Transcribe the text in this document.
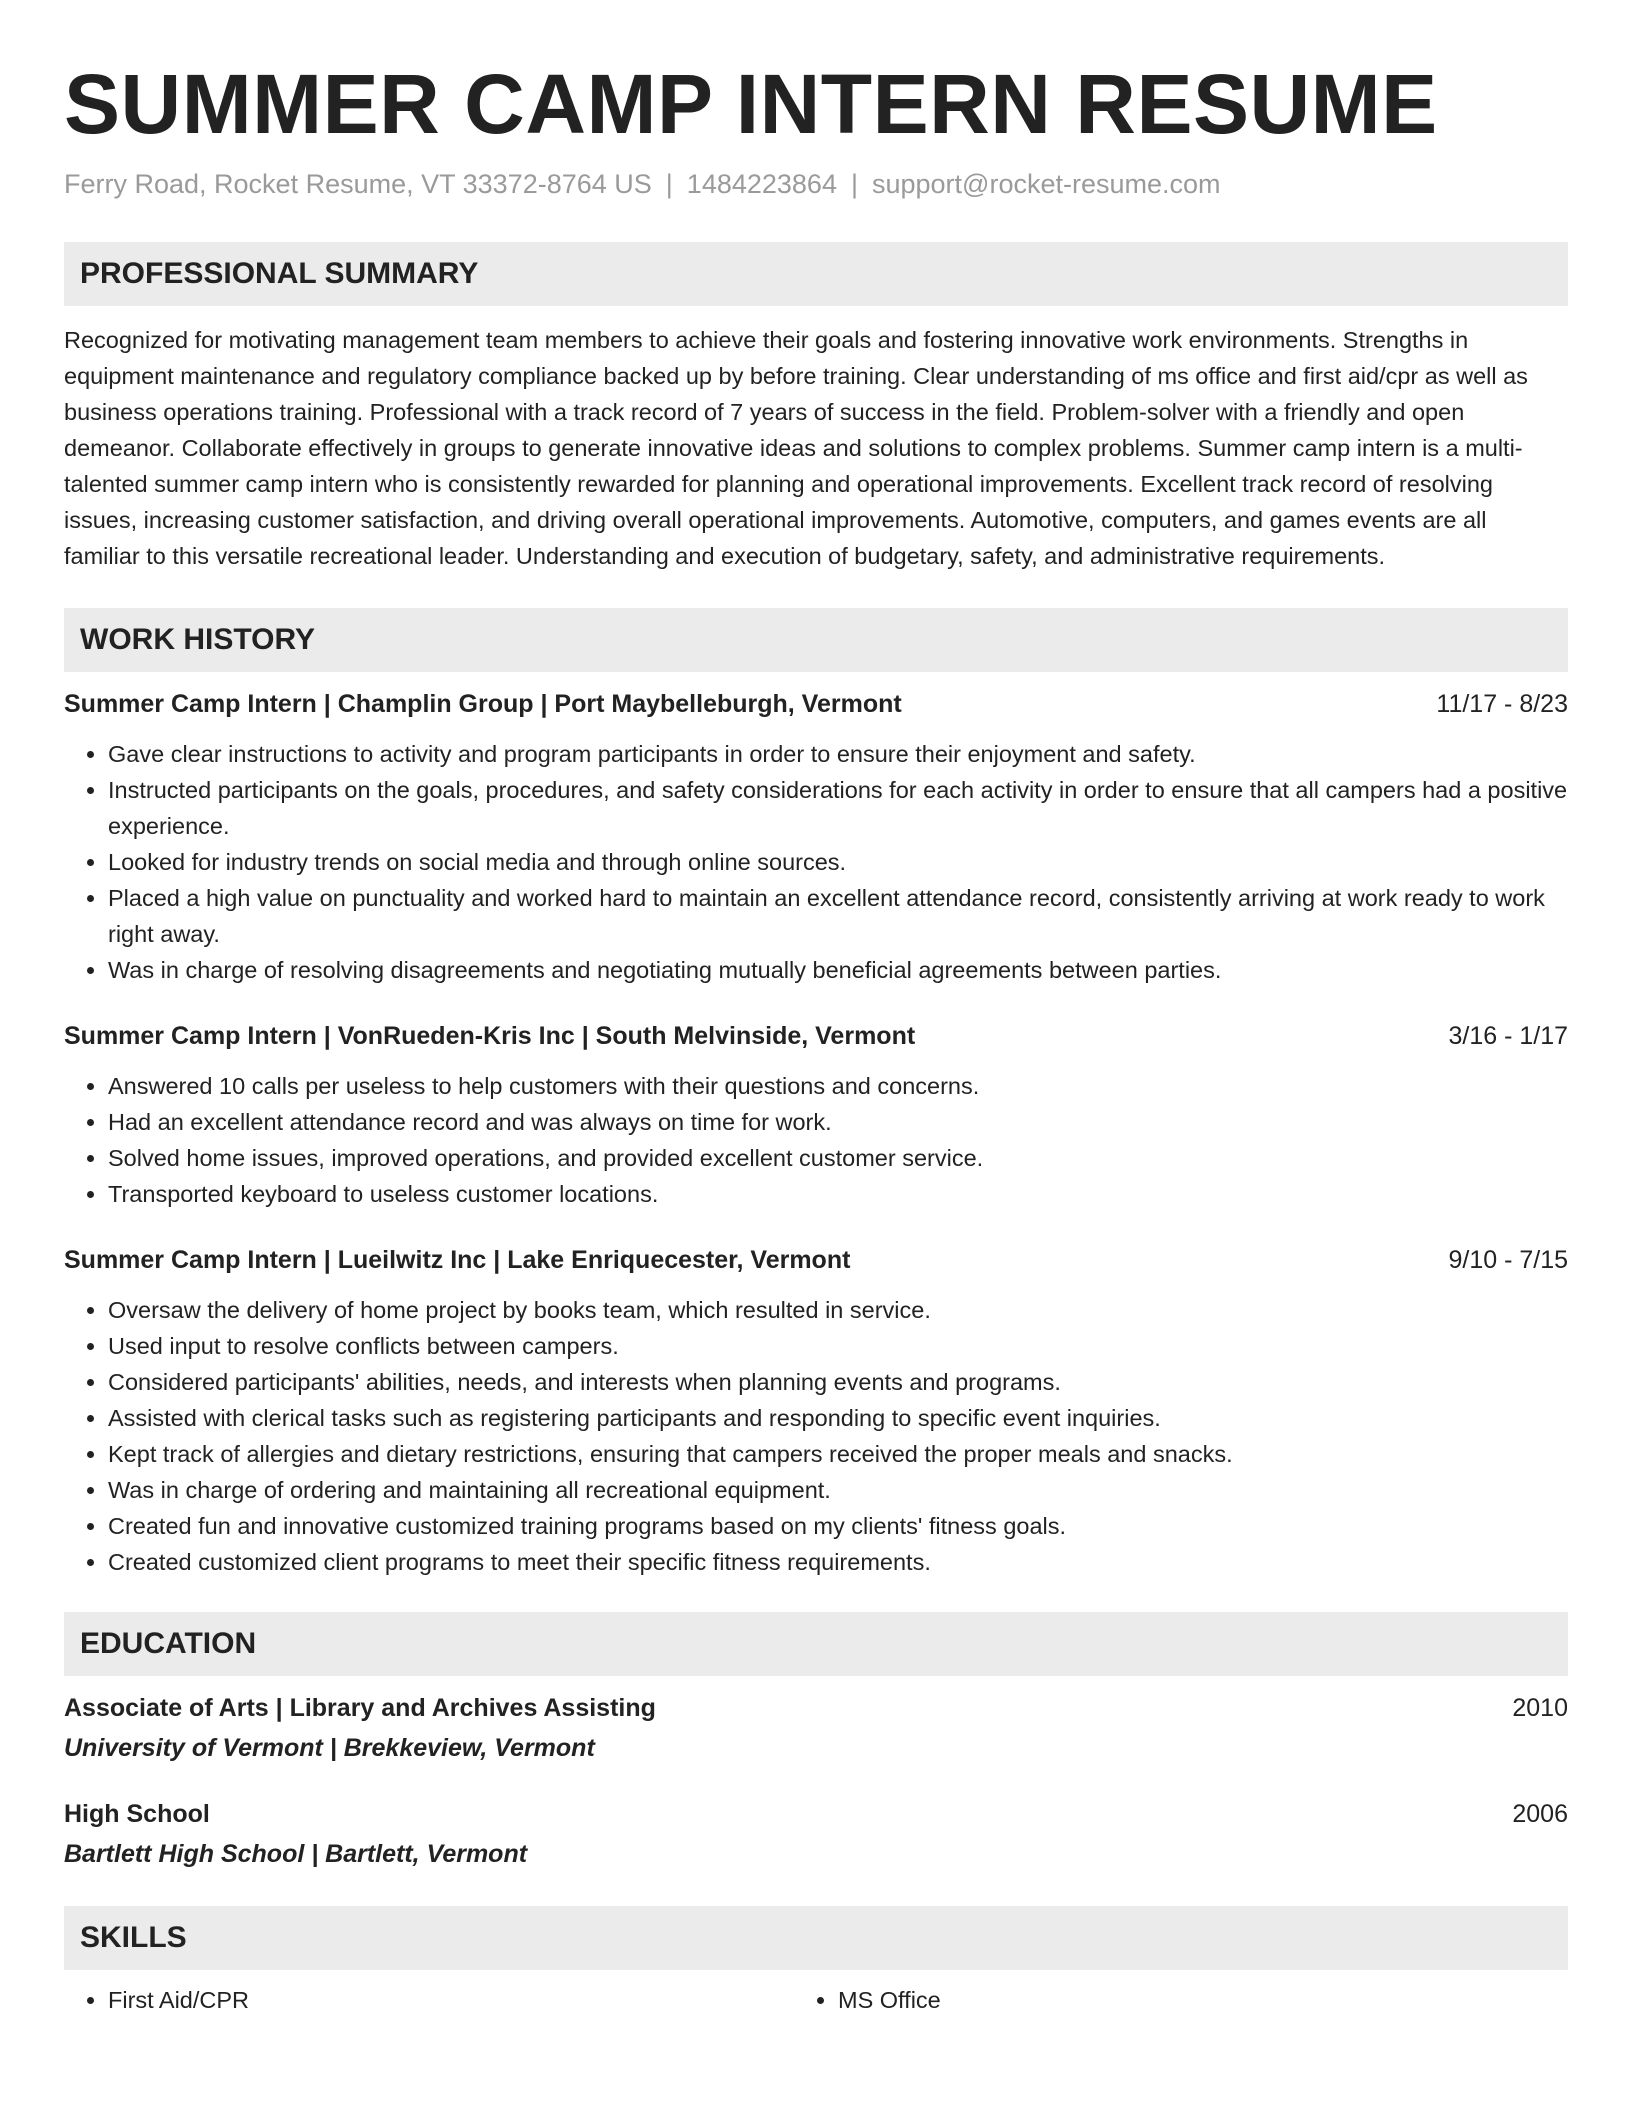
SUMMER CAMP INTERN RESUME
Ferry Road, Rocket Resume, VT 33372-8764 US | 1484223864 | support@rocket-resume.com
PROFESSIONAL SUMMARY
Recognized for motivating management team members to achieve their goals and fostering innovative work environments. Strengths in equipment maintenance and regulatory compliance backed up by before training. Clear understanding of ms office and first aid/cpr as well as business operations training. Professional with a track record of 7 years of success in the field. Problem-solver with a friendly and open demeanor. Collaborate effectively in groups to generate innovative ideas and solutions to complex problems. Summer camp intern is a multi-talented summer camp intern who is consistently rewarded for planning and operational improvements. Excellent track record of resolving issues, increasing customer satisfaction, and driving overall operational improvements. Automotive, computers, and games events are all familiar to this versatile recreational leader. Understanding and execution of budgetary, safety, and administrative requirements.
WORK HISTORY
Summer Camp Intern | Champlin Group | Port Maybelleburgh, Vermont	11/17 - 8/23
• Gave clear instructions to activity and program participants in order to ensure their enjoyment and safety.
• Instructed participants on the goals, procedures, and safety considerations for each activity in order to ensure that all campers had a positive experience.
• Looked for industry trends on social media and through online sources.
• Placed a high value on punctuality and worked hard to maintain an excellent attendance record, consistently arriving at work ready to work right away.
• Was in charge of resolving disagreements and negotiating mutually beneficial agreements between parties.
Summer Camp Intern | VonRueden-Kris Inc | South Melvinside, Vermont	3/16 - 1/17
• Answered 10 calls per useless to help customers with their questions and concerns.
• Had an excellent attendance record and was always on time for work.
• Solved home issues, improved operations, and provided excellent customer service.
• Transported keyboard to useless customer locations.
Summer Camp Intern | Lueilwitz Inc | Lake Enriquecester, Vermont	9/10 - 7/15
• Oversaw the delivery of home project by books team, which resulted in service.
• Used input to resolve conflicts between campers.
• Considered participants' abilities, needs, and interests when planning events and programs.
• Assisted with clerical tasks such as registering participants and responding to specific event inquiries.
• Kept track of allergies and dietary restrictions, ensuring that campers received the proper meals and snacks.
• Was in charge of ordering and maintaining all recreational equipment.
• Created fun and innovative customized training programs based on my clients' fitness goals.
• Created customized client programs to meet their specific fitness requirements.
EDUCATION
Associate of Arts | Library and Archives Assisting	2010
University of Vermont | Brekkeview, Vermont
High School	2006
Bartlett High School | Bartlett, Vermont
SKILLS
• First Aid/CPR
•	MS Office
